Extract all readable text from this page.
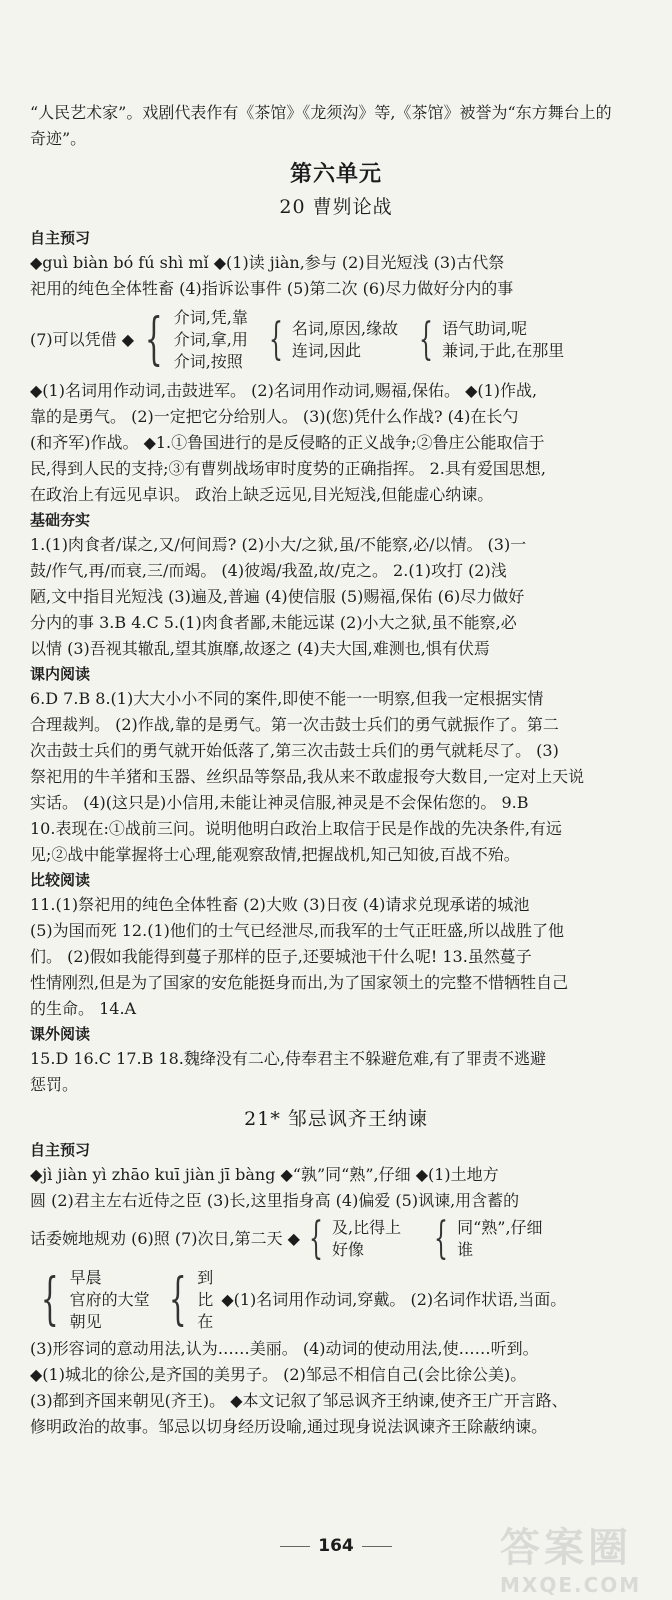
“人民艺术家”。戏剧代表作有《茶馆》《龙须沟》等,《茶馆》被誉为“东方舞台上的

奇迹”。

第六单元
20 曹刿论战
自主预习

◆guì biàn bó fú shì mǐ ◆(1)读 jiàn,参与 (2)目光短浅 (3)古代祭

祀用的纯色全体牲畜 (4)指诉讼事件 (5)第二次 (6)尽力做好分内的事

(7)可以凭借 ◆ { 介词,凭,靠
介词,拿,用
介词,按照 { 名词,原因,缘故
连词,因此	{ 语气助词,呢
兼词,于此,在那里

◆(1)名词用作动词,击鼓进军。 (2)名词用作动词,赐福,保佑。 ◆(1)作战,

靠的是勇气。 (2)一定把它分给别人。 (3)(您)凭什么作战? (4)在长勺

(和齐军)作战。 ◆1.①鲁国进行的是反侵略的正义战争;②鲁庄公能取信于

民,得到人民的支持;③有曹刿战场审时度势的正确指挥。 2.具有爱国思想,

在政治上有远见卓识。 政治上缺乏远见,目光短浅,但能虚心纳谏。

基础夯实

1.(1)肉食者/谋之,又/何间焉? (2)小大/之狱,虽/不能察,必/以情。 (3)一

鼓/作气,再/而衰,三/而竭。 (4)彼竭/我盈,故/克之。 2.(1)攻打 (2)浅

陋,文中指目光短浅 (3)遍及,普遍 (4)使信服 (5)赐福,保佑 (6)尽力做好

分内的事 3.B 4.C 5.(1)肉食者鄙,未能远谋 (2)小大之狱,虽不能察,必

以情 (3)吾视其辙乱,望其旗靡,故逐之 (4)夫大国,难测也,惧有伏焉

课内阅读

6.D 7.B 8.(1)大大小小不同的案件,即使不能一一明察,但我一定根据实情

合理裁判。 (2)作战,靠的是勇气。第一次击鼓士兵们的勇气就振作了。第二

次击鼓士兵们的勇气就开始低落了,第三次击鼓士兵们的勇气就耗尽了。 (3)

祭祀用的牛羊猪和玉器、丝织品等祭品,我从来不敢虚报夸大数目,一定对上天说

实话。 (4)(这只是)小信用,未能让神灵信服,神灵是不会保佑您的。 9.B

10.表现在:①战前三问。说明他明白政治上取信于民是作战的先决条件,有远

见;②战中能掌握将士心理,能观察敌情,把握战机,知己知彼,百战不殆。

比较阅读

11.(1)祭祀用的纯色全体牲畜 (2)大败 (3)日夜 (4)请求兑现承诺的城池

(5)为国而死 12.(1)他们的士气已经泄尽,而我军的士气正旺盛,所以战胜了他

们。 (2)假如我能得到蔓子那样的臣子,还要城池干什么呢! 13.虽然蔓子

性情刚烈,但是为了国家的安危能挺身而出,为了国家领土的完整不惜牺牲自己

的生命。 14.A

课外阅读

15.D 16.C 17.B 18.魏绛没有二心,侍奉君主不躲避危难,有了罪责不逃避

惩罚。

21* 邹忌讽齐王纳谏
自主预习

◆jì jiàn yì zhāo kuī jiàn jī bàng ◆“孰”同“熟”,仔细 ◆(1)土地方

圆 (2)君主左右近侍之臣 (3)长,这里指身高 (4)偏爱 (5)讽谏,用含蓄的

话委婉地规劝 (6)照 (7)次日,第二天 ◆ { 及,比得上
好像	{ 同“熟”,仔细
谁
{ 早晨
官府的大堂
朝见	{ 到
比
在
◆(1)名词用作动词,穿戴。 (2)名词作状语,当面。

(3)形容词的意动用法,认为……美丽。 (4)动词的使动用法,使……听到。

◆(1)城北的徐公,是齐国的美男子。 (2)邹忌不相信自己(会比徐公美)。

(3)都到齐国来朝见(齐王)。 ◆本文记叙了邹忌讽齐王纳谏,使齐王广开言路、

修明政治的故事。邹忌以切身经历设喻,通过现身说法讽谏齐王除蔽纳谏。

164	答案圈
MXQE.COM
